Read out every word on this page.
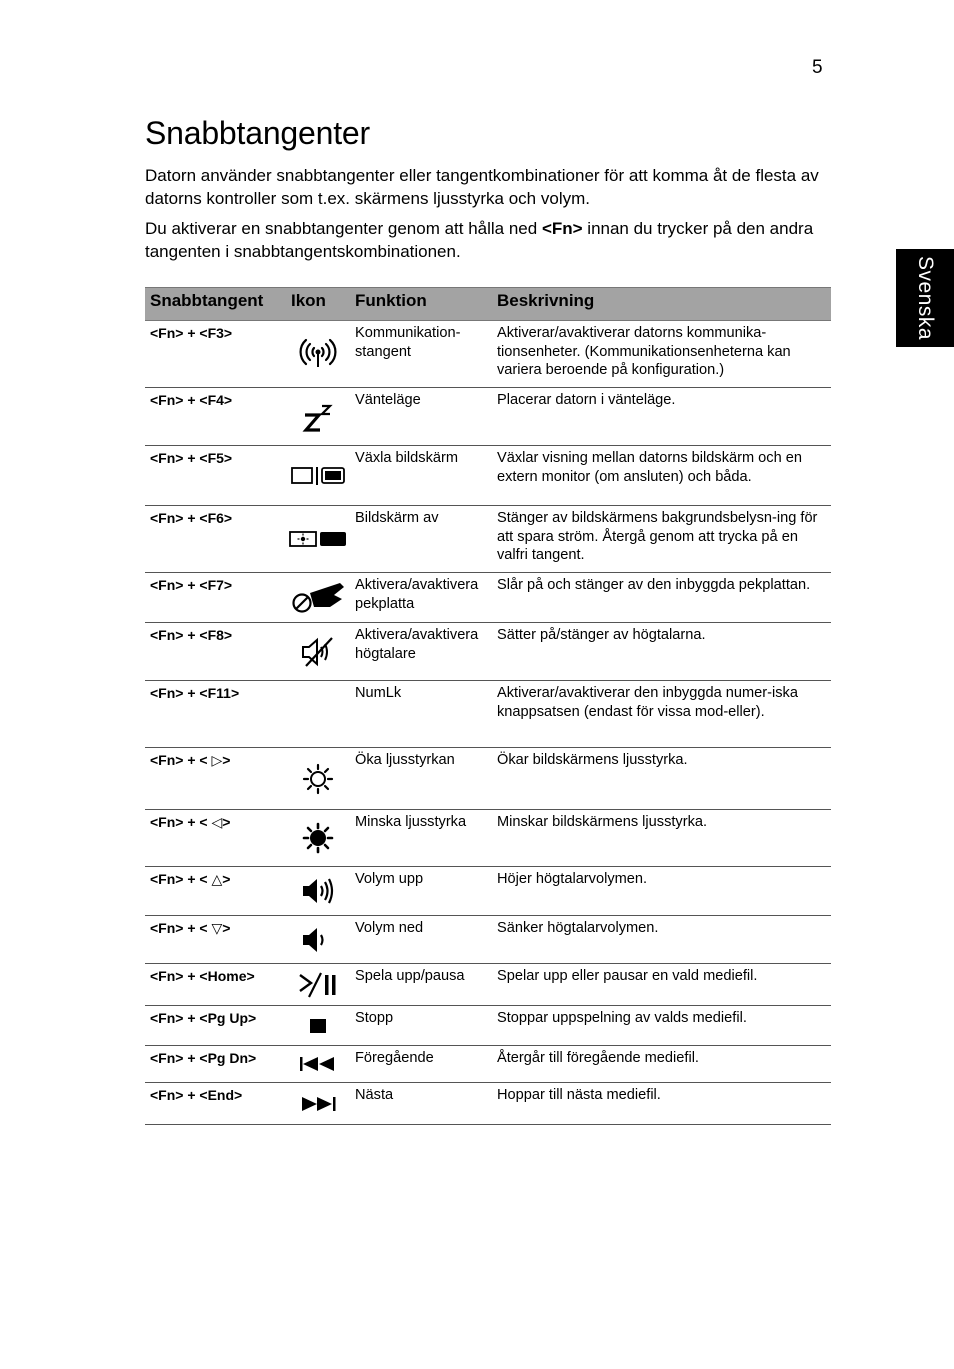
5
Snabbtangenter

Datorn använder snabbtangenter eller tangentkombinationer för att komma åt de flesta av datorns kontroller som t.ex. skärmens ljusstyrka och volym.

Du aktiverar en snabbtangenter genom att hålla ned <Fn> innan du trycker på den andra tangenten i snabbtangentskombinationen.

Svenska
Snabbtangent	Ikon	Funktion	Beskrivning
<Fn> + <F3>		Kommunikation-stangent	Aktiverar/avaktiverar datorns kommunika-tionsenheter. (Kommunikationsenheterna kan variera beroende på konfiguration.)
<Fn> + <F4>		Vänteläge	Placerar datorn i vänteläge.
<Fn> + <F5>		Växla bildskärm	Växlar visning mellan datorns bildskärm och en extern monitor (om ansluten) och båda.
<Fn> + <F6>		Bildskärm av	Stänger av bildskärmens bakgrundsbelysn-ing för att spara ström. Återgå genom att trycka på en valfri tangent.
<Fn> + <F7>		Aktivera/avaktivera pekplatta	Slår på och stänger av den inbyggda pekplattan.
<Fn> + <F8>		Aktivera/avaktivera högtalare	Sätter på/stänger av högtalarna.
<Fn> + <F11>		NumLk	Aktiverar/avaktiverar den inbyggda numer-iska knappsatsen (endast för vissa mod-eller).
<Fn> + < ▷>		Öka ljusstyrkan	Ökar bildskärmens ljusstyrka.
<Fn> + < ◁>		Minska ljusstyrka	Minskar bildskärmens ljusstyrka.
<Fn> + < △>		Volym upp	Höjer högtalarvolymen.
<Fn> + < ▽>		Volym ned	Sänker högtalarvolymen.
<Fn> + <Home>		Spela upp/pausa	Spelar upp eller pausar en vald mediefil.
<Fn> + <Pg Up>		Stopp	Stoppar uppspelning av valds mediefil.
<Fn> + <Pg Dn>		Föregående	Återgår till föregående mediefil.
<Fn> + <End>		Nästa	Hoppar till nästa mediefil.
